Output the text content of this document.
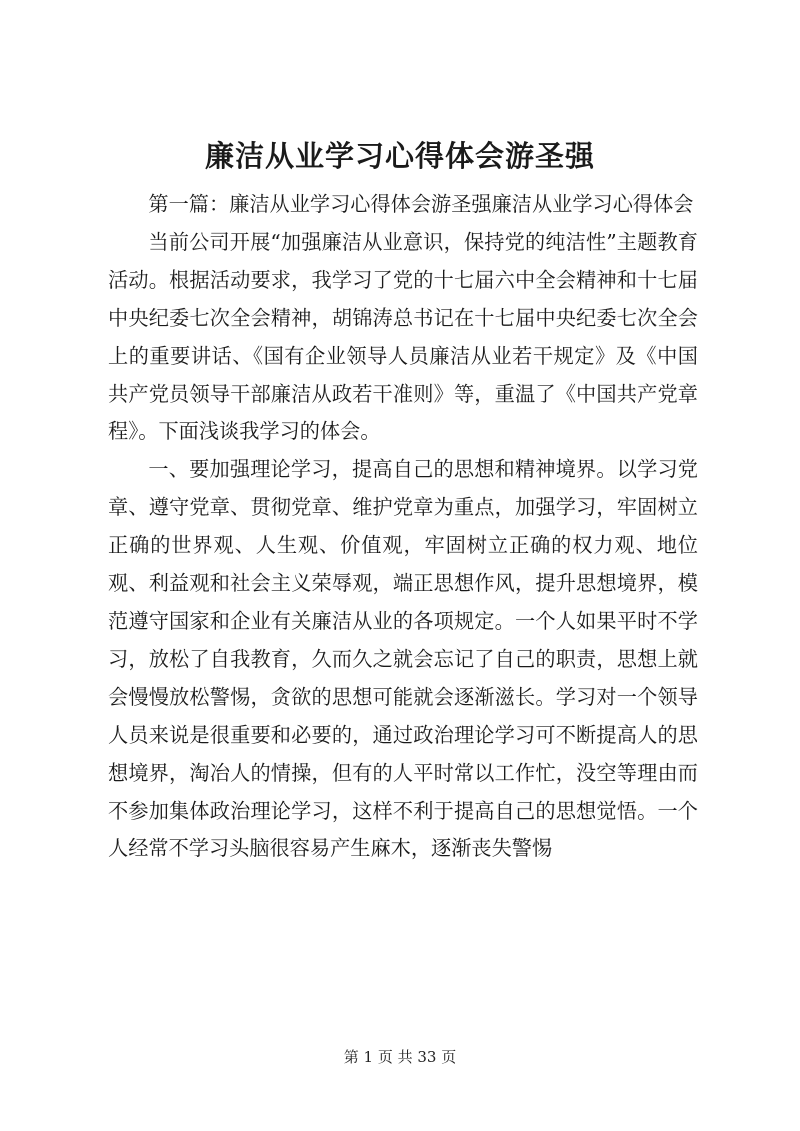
廉洁从业学习心得体会游圣强

第一篇：廉洁从业学习心得体会游圣强廉洁从业学习心得体会

当前公司开展“加强廉洁从业意识，保持党的纯洁性”主题教育活动。根据活动要求，我学习了党的十七届六中全会精神和十七届中央纪委七次全会精神，胡锦涛总书记在十七届中央纪委七次全会上的重要讲话、《国有企业领导人员廉洁从业若干规定》及《中国共产党员领导干部廉洁从政若干准则》等，重温了《中国共产党章程》。下面浅谈我学习的体会。

一、要加强理论学习，提高自己的思想和精神境界。以学习党章、遵守党章、贯彻党章、维护党章为重点，加强学习，牢固树立正确的世界观、人生观、价值观，牢固树立正确的权力观、地位观、利益观和社会主义荣辱观，端正思想作风，提升思想境界，模范遵守国家和企业有关廉洁从业的各项规定。一个人如果平时不学习，放松了自我教育，久而久之就会忘记了自己的职责，思想上就会慢慢放松警惕，贪欲的思想可能就会逐渐滋长。学习对一个领导人员来说是很重要和必要的，通过政治理论学习可不断提高人的思想境界，淘冶人的情操，但有的人平时常以工作忙，没空等理由而不参加集体政治理论学习，这样不利于提高自己的思想觉悟。一个人经常不学习头脑很容易产生麻木，逐渐丧失警惕

第 1 页 共 33 页
